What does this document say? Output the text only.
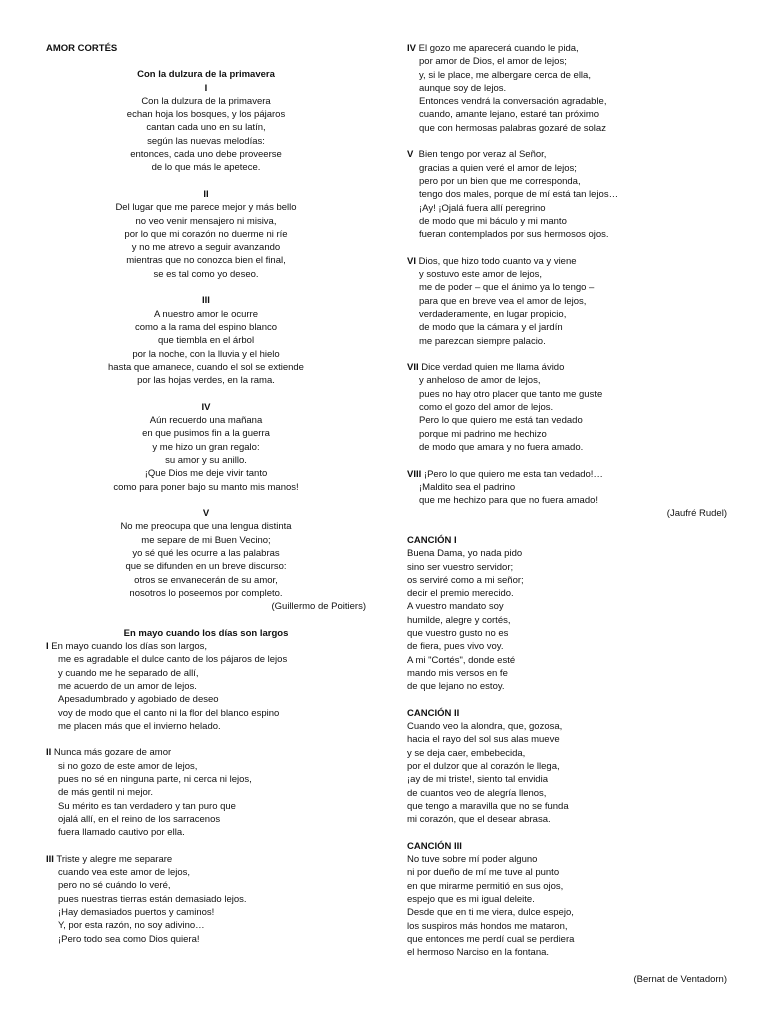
AMOR CORTÉS
Con la dulzura de la primavera
I
Con la dulzura de la primavera
echan hoja los bosques, y los pájaros
cantan cada uno en su latín,
según las nuevas melodías:
entonces, cada uno debe proveerse
de lo que más le apetece.
II
Del lugar que me parece mejor y más bello
no veo venir mensajero ni misiva,
por lo que mi corazón no duerme ni ríe
y no me atrevo a seguir avanzando
mientras que no conozca bien el final,
se es tal como yo deseo.
III
A nuestro amor le ocurre
como a la rama del espino blanco
que tiembla en el árbol
por la noche, con la lluvia y el hielo
hasta que amanece, cuando el sol se extiende
por las hojas verdes, en la rama.
IV
Aún recuerdo una mañana
en que pusimos fin a la guerra
y me hizo un gran regalo:
su amor y su anillo.
¡Que Dios me deje vivir tanto
como para poner bajo su manto mis manos!
V
No me preocupa que una lengua distinta
me separe de mi Buen Vecino;
yo sé qué les ocurre a las palabras
que se difunden en un breve discurso:
otros se envanecerán de su amor,
nosotros lo poseemos por completo.
(Guillermo de Poitiers)
En mayo cuando los días son largos
I En mayo cuando los días son largos,
me es agradable el dulce canto de los pájaros de lejos
y cuando me he separado de allí,
me acuerdo de un amor de lejos.
Apesadumbrado y agobiado de deseo
voy de modo que el canto ni la flor del blanco espino
me placen más que el invierno helado.
II Nunca más gozare de amor
si no gozo de este amor de lejos,
pues no sé en ninguna parte, ni cerca ni lejos,
de más gentil ni mejor.
Su mérito es tan verdadero y tan puro que
ojalá allí, en el reino de los sarracenos
fuera llamado cautivo por ella.
III Triste y alegre me separare
cuando vea este amor de lejos,
pero no sé cuándo lo veré,
pues nuestras tierras están demasiado lejos.
¡Hay demasiados puertos y caminos!
Y, por esta razón, no soy adivino…
¡Pero todo sea como Dios quiera!
IV El gozo me aparecerá cuando le pida,
por amor de Dios, el amor de lejos;
y, si le place, me albergare cerca de ella,
aunque soy de lejos.
Entonces vendrá la conversación agradable,
cuando, amante lejano, estaré tan próximo
que con hermosas palabras gozaré de solaz
V  Bien tengo por veraz al Señor,
gracias a quien veré el amor de lejos;
pero por un bien que me corresponda,
tengo dos males, porque de mí está tan lejos…
¡Ay! ¡Ojalá fuera allí peregrino
de modo que mi báculo y mi manto
fueran contemplados por sus hermosos ojos.
VI Dios, que hizo todo cuanto va y viene
y sostuvo este amor de lejos,
me de poder – que el ánimo ya lo tengo –
para que en breve vea el amor de lejos,
verdaderamente, en lugar propicio,
de modo que la cámara y el jardín
me parezcan siempre palacio.
VII Dice verdad quien me llama ávido
y anheloso de amor de lejos,
pues no hay otro placer que tanto me guste
como el gozo del amor de lejos.
Pero lo que quiero me está tan vedado
porque mi padrino me hechizo
de modo que amara y no fuera amado.
VIII ¡Pero lo que quiero me esta tan vedado!…
¡Maldito sea el padrino
que me hechizo para que no fuera amado!
(Jaufré Rudel)
CANCIÓN I
Buena Dama, yo nada pido
sino ser vuestro servidor;
os serviré como a mi señor;
decir el premio merecido.
A vuestro mandato soy
humilde, alegre y cortés,
que vuestro gusto no es
de fiera, pues vivo voy.
A mi "Cortés", donde esté
mando mis versos en fe
de que lejano no estoy.
CANCIÓN II
Cuando veo la alondra, que, gozosa,
hacia el rayo del sol sus alas mueve
y se deja caer, embebecida,
por el dulzor que al corazón le llega,
¡ay de mi triste!, siento tal envidia
de cuantos veo de alegría llenos,
que tengo a maravilla que no se funda
mi corazón, que el desear abrasa.
CANCIÓN III
No tuve sobre mí poder alguno
ni por dueño de mí me tuve al punto
en que mirarme permitió en sus ojos,
espejo que es mi igual deleite.
Desde que en ti me viera, dulce espejo,
los suspiros más hondos me mataron,
que entonces me perdí cual se perdiera
el hermoso Narciso en la fontana.
(Bernat de Ventadorn)
